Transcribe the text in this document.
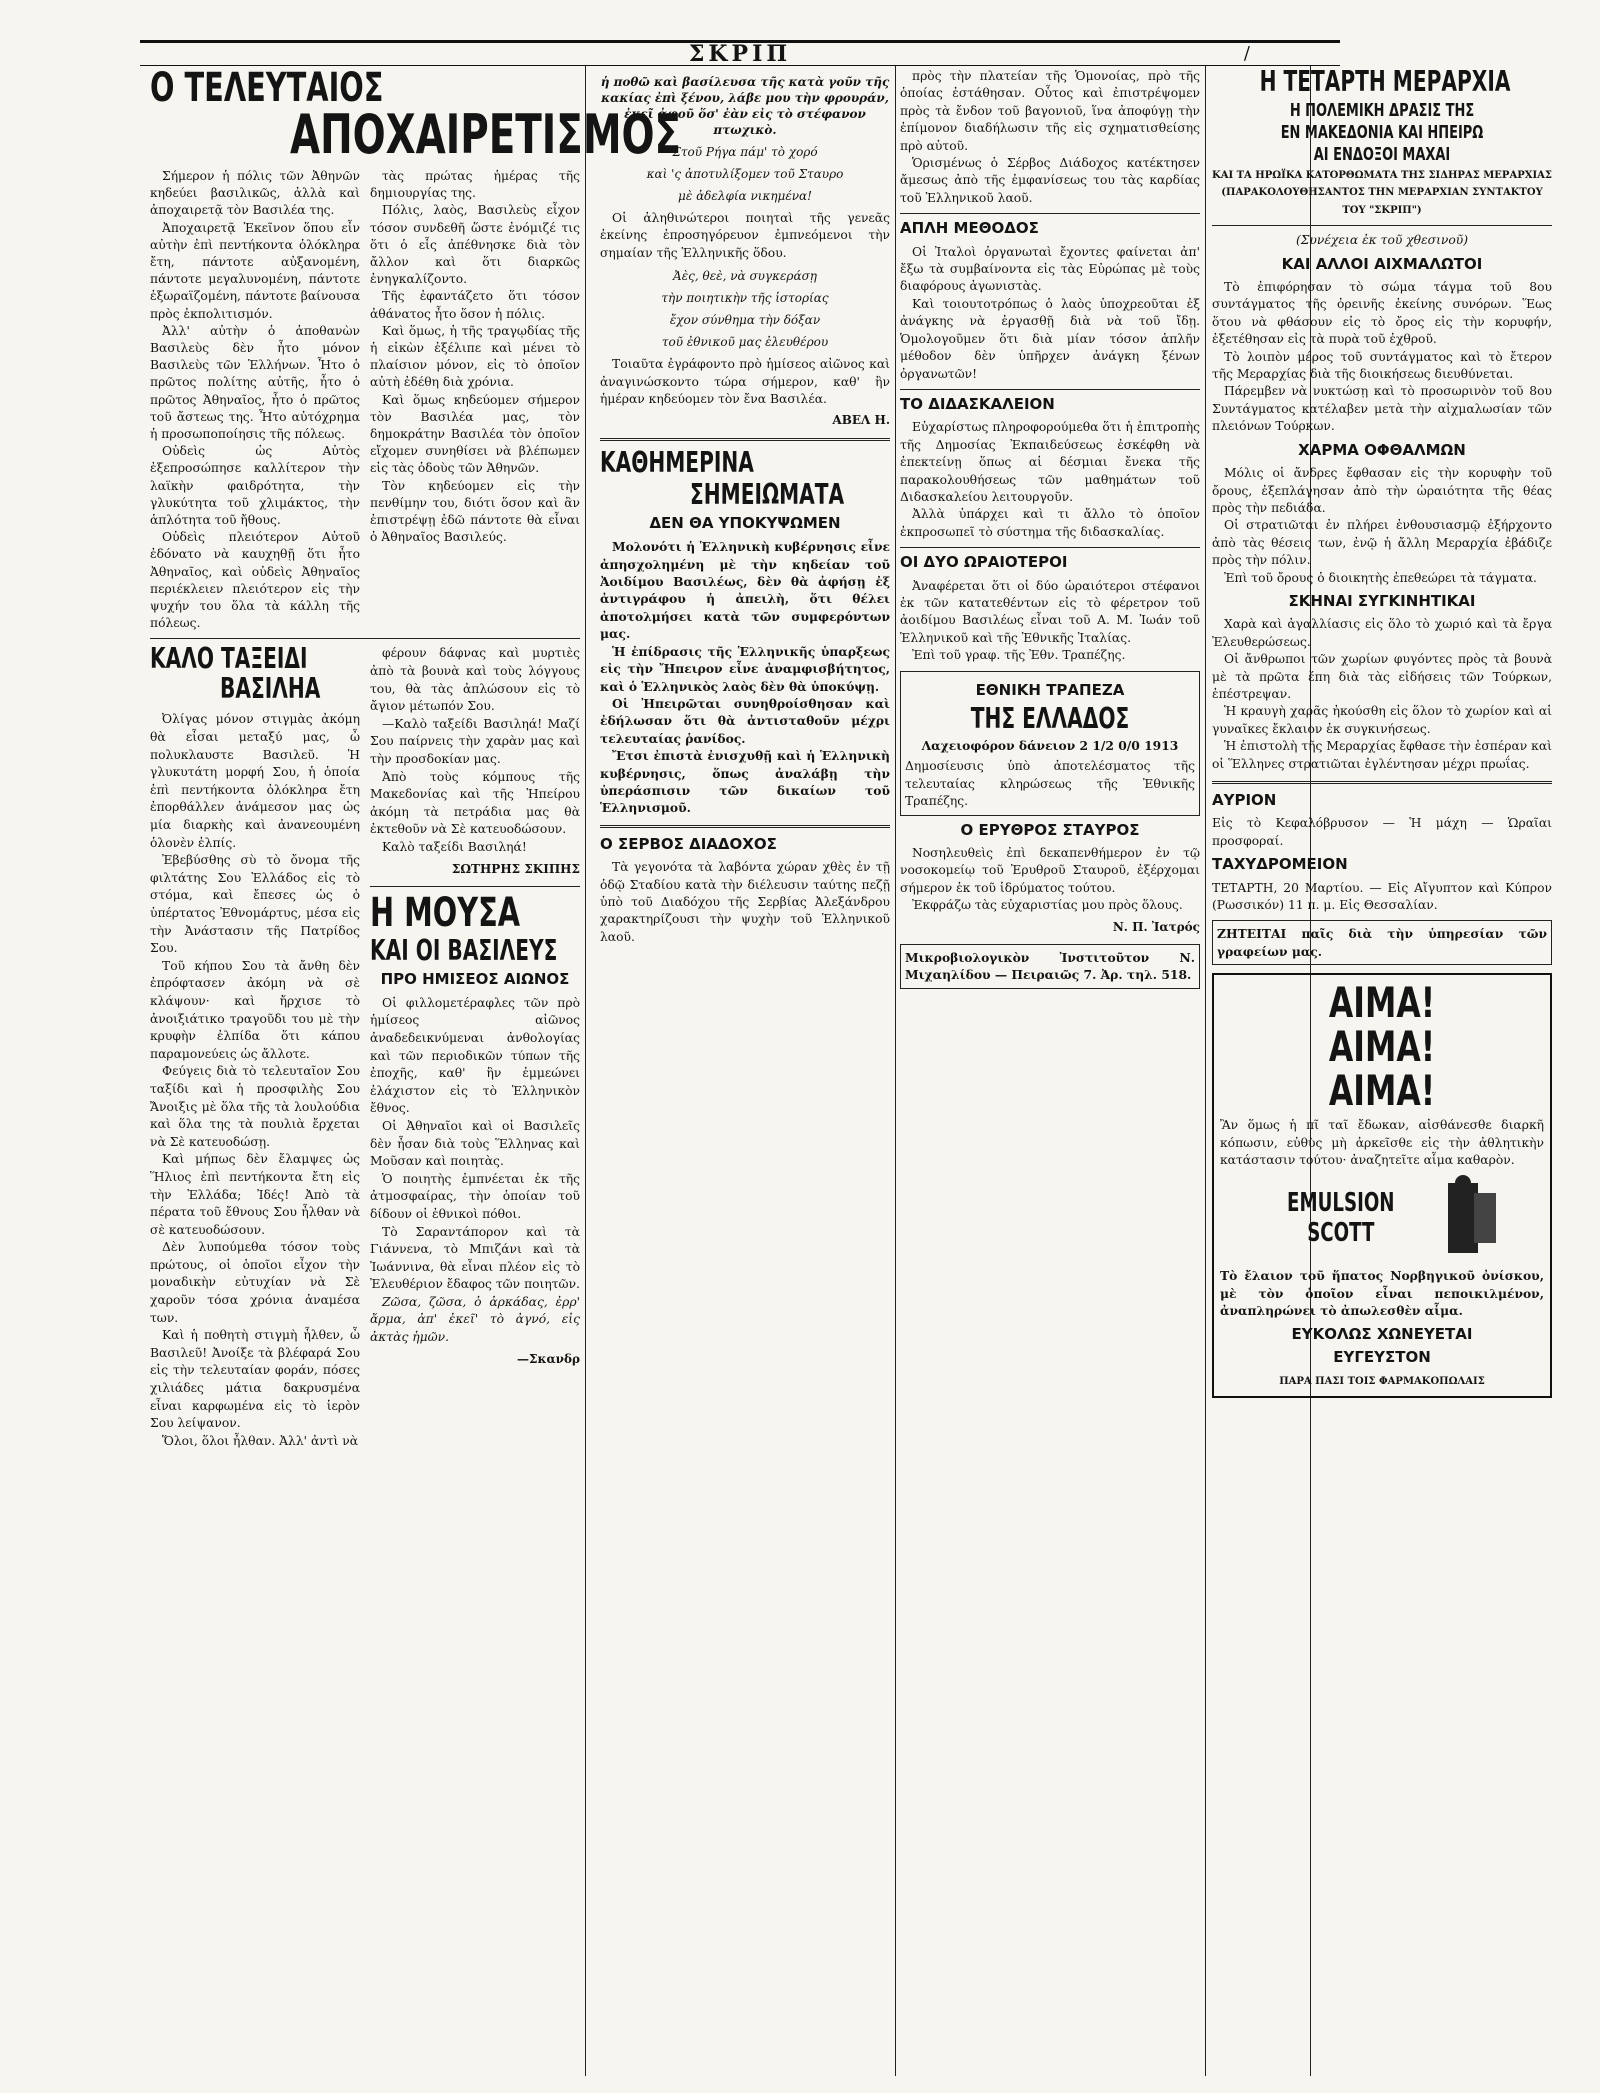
ΣΚΡΙΠ	/
Ο ΤΕΛΕΥΤΑΙΟΣ
ΑΠΟΧΑΙΡΕΤΙΣΜΟΣ

Σήμερον ἡ πόλις τῶν Ἀθηνῶν κηδεύει βασιλικῶς, ἀλλὰ καὶ ἀποχαιρετᾷ τὸν Βασιλέα της.

Ἀποχαιρετᾷ Ἐκεῖνον ὅπου εἶν αὐτὴν ἐπὶ πεντήκοντα ὁλόκληρα ἔτη, πάντοτε αὐξανομένη, πάντοτε μεγαλυνομένη, πάντοτε ἐξωραϊζομένη, πάντοτε βαίνουσα πρὸς ἐκπολιτισμόν.

Ἀλλ' αὐτὴν ὁ ἀποθανὼν Βασιλεὺς δὲν ἦτο μόνον Βασιλεὺς τῶν Ἑλλήνων. Ἦτο ὁ πρῶτος πολίτης αὐτῆς, ἦτο ὁ πρῶτος Ἀθηναῖος, ἦτο ὁ πρῶτος τοῦ ἄστεως της. Ἦτο αὐτόχρημα ἡ προσωποποίησις τῆς πόλεως.

Οὐδεὶς ὡς Αὐτὸς ἐξεπροσώπησε καλλίτερον τὴν λαϊκὴν φαιδρότητα, τὴν γλυκύτητα τοῦ χλιμάκτος, τὴν ἁπλότητα τοῦ ἤθους.

Οὐδεὶς πλειότερον Αὐτοῦ ἐδόνατο νὰ καυχηθῇ ὅτι ἦτο Ἀθηναῖος, καὶ οὐδεὶς Ἀθηναῖος περιέκλειεν πλειότερον εἰς τὴν ψυχήν του ὅλα τὰ κάλλη τῆς πόλεως.

τὰς πρώτας ἡμέρας τῆς δημιουργίας της.

Πόλις, λαὸς, Βασιλεὺς εἶχον τόσον συνδεθῆ ὥστε ἐνόμιζέ τις ὅτι ὁ εἷς ἀπέθνησκε διὰ τὸν ἄλλον καὶ ὅτι διαρκῶς ἐνηγκαλίζοντο.

Τῆς ἐφαντάζετο ὅτι τόσον ἀθάνατος ἦτο ὅσον ἡ πόλις.

Καὶ ὅμως, ἡ τῆς τραγῳδίας τῆς ἡ εἰκὼν ἐξέλιπε καὶ μένει τὸ πλαίσιον μόνον, εἰς τὸ ὁποῖον αὐτὴ ἐδέθη διὰ χρόνια.

Καὶ ὅμως κηδεύομεν σήμερον τὸν Βασιλέα μας, τὸν δημοκράτην Βασιλέα τὸν ὁποῖον εἴχομεν συνηθίσει νὰ βλέπωμεν εἰς τὰς ὁδοὺς τῶν Ἀθηνῶν.

Τὸν κηδεύομεν εἰς τὴν πενθίμην του, διότι ὅσον καὶ ἂν ἐπιστρέψῃ ἐδῶ πάντοτε θὰ εἶναι ὁ Ἀθηναῖος Βασιλεύς.

ΚΑΛΟ ΤΑΞΕΙΔΙ
ΒΑΣΙΛΗΑ

Ὀλίγας μόνον στιγμὰς ἀκόμη θὰ εἶσαι μεταξύ μας, ὦ πολυκλαυστε Βασιλεῦ. Ἡ γλυκυτάτη μορφή Σου, ἡ ὁποία ἐπὶ πεντήκοντα ὁλόκληρα ἔτη ἐπορθάλλεν ἀνάμεσον μας ὡς μία διαρκὴς καὶ ἀνανεουμένη ὁλονὲν ἐλπίς.

Ἐβεβύσθης σὺ τὸ ὄνομα τῆς φιλτάτης Σου Ἑλλάδος εἰς τὸ στόμα, καὶ ἔπεσες ὡς ὁ ὑπέρτατος Ἐθνομάρτυς, μέσα εἰς τὴν Ἀνάστασιν τῆς Πατρίδος Σου.

Τοῦ κήπου Σου τὰ ἄνθη δὲν ἐπρόφτασεν ἀκόμη νὰ σὲ κλάψουν· καὶ ἤρχισε τὸ ἀνοιξιάτικο τραγοῦδι του μὲ τὴν κρυφὴν ἐλπίδα ὅτι κάπου παραμονεύεις ὡς ἄλλοτε.

Φεύγεις διὰ τὸ τελευταῖον Σου ταξίδι καὶ ἡ προσφιλὴς Σου Ἄνοιξις μὲ ὅλα τῆς τὰ λουλούδια καὶ ὅλα της τὰ πουλιὰ ἔρχεται νὰ Σὲ κατευοδώσῃ.

Καὶ μήπως δὲν ἔλαμψες ὡς Ἥλιος ἐπὶ πεντήκοντα ἔτη εἰς τὴν Ἑλλάδα; Ἰδές! Ἀπὸ τὰ πέρατα τοῦ ἔθνους Σου ἦλθαν νὰ σὲ κατευοδώσουν.

Δὲν λυπούμεθα τόσον τοὺς πρώτους, οἱ ὁποῖοι εἶχον τὴν μοναδικὴν εὐτυχίαν νὰ Σὲ χαροῦν τόσα χρόνια ἀναμέσα των.

Καὶ ἡ ποθητὴ στιγμὴ ἦλθεν, ὦ Βασιλεῦ! Ἀνοίξε τὰ βλέφαρά Σου εἰς τὴν τελευταίαν φοράν, πόσες χιλιάδες μάτια δακρυσμένα εἶναι καρφωμένα εἰς τὸ ἱερὸν Σου λείψανον.

Ὅλοι, ὅλοι ἦλθαν. Ἀλλ' ἀντὶ νὰ

φέρουν δάφνας καὶ μυρτιὲς ἀπὸ τὰ βουνὰ καὶ τοὺς λόγγους του, θὰ τὰς ἀπλώσουν εἰς τὸ ἄγιον μέτωπόν Σου.

—Καλὸ ταξείδι Βασιληά! Μαζί Σου παίρνεις τὴν χαρὰν μας καὶ τὴν προσδοκίαν μας.

Ἀπὸ τοὺς κόμπους τῆς Μακεδονίας καὶ τῆς Ἠπείρου ἀκόμη τὰ πετράδια μας θὰ ἐκτεθοῦν νὰ Σὲ κατευοδώσουν.

Καλὸ ταξείδι Βασιληά!

ΣΩΤΗΡΗΣ ΣΚΙΠΗΣ
Η ΜΟΥΣΑ
ΚΑΙ ΟΙ ΒΑΣΙΛΕΥΣ
ΠΡΟ ΗΜΙΣΕΟΣ ΑΙΩΝΟΣ

Οἱ φιλλομετέραφλες τῶν πρὸ ἡμίσεος αἰῶνος ἀναδεδεικνύμεναι ἀνθολογίας καὶ τῶν περιοδικῶν τύπων τῆς ἐποχῆς, καθ' ἣν ἐμμεώνει ἐλάχιστον εἰς τὸ Ἑλληνικὸν ἔθνος.

Οἱ Ἀθηναῖοι καὶ οἱ Βασιλεῖς δὲν ἦσαν διὰ τοὺς Ἕλληνας καὶ Μοῦσαν καὶ ποιητὰς.

Ὁ ποιητὴς ἐμπνέεται ἐκ τῆς ἀτμοσφαίρας, τὴν ὁποίαν τοῦ δίδουν οἱ ἐθνικοὶ πόθοι.

Τὸ Σαραντάπορον καὶ τὰ Γιάννενα, τὸ Μπιζάνι καὶ τὰ Ἰωάννινα, θὰ εἶναι πλέον εἰς τὸ Ἐλευθέριον ἔδαφος τῶν ποιητῶν.

Ζῶσα, ζῶσα, ὁ ἀρκάδας, ἐρρ' ἄρμα, ἀπ' ἐκεῖ' τὸ ἀγνό, εἰς ἀκτὰς ἡμῶν.

—Σκανδρ
ἡ ποθῶ καὶ βασίλευσα τῆς κατὰ γοῦν τῆς κακίας ἐπὶ ξένου, λάβε μου τὴν φρουράν, ἐκεῖ ἀφοῦ ὅσ' ἐὰν εἰς τὸ στέφανον πτωχικὸ.
Στοῦ Ρήγα πάμ' τὸ χορό
καὶ 'ς ἀποτυλίξομεν τοῦ Σταυρο
μὲ ἀδελφία νικημένα!

Οἱ ἀληθινώτεροι ποιηταὶ τῆς γενεᾶς ἐκείνης ἐπροσηγόρευον ἐμπνεόμενοι τὴν σημαίαν τῆς Ἑλληνικῆς ὅδου.

Ἀὲς, θεὲ, νὰ συγκεράσῃ
τὴν ποιητικὴν τῆς ἱστορίας
ἔχον σύνθημα τὴν δόξαν
τοῦ ἐθνικοῦ μας ἐλευθέρου

Τοιαῦτα ἐγράφοντο πρὸ ἡμίσεος αἰῶνος καὶ ἀναγινώσκοντο τώρα σήμερον, καθ' ἣν ἡμέραν κηδεύομεν τὸν ἔνα Βασιλέα.

ΑΒΕΛ Η.
ΚΑΘΗΜΕΡΙΝΑ
ΣΗΜΕΙΩΜΑΤΑ
ΔΕΝ ΘΑ ΥΠΟΚΥΨΩΜΕΝ

Μολονότι ἡ Ἑλληνικὴ κυβέρνησις εἶνε ἀπησχολημένη μὲ τὴν κηδείαν τοῦ Ἀοιδίμου Βασιλέως, δὲν θὰ ἀφήσῃ ἐξ ἀντιγράφου ἡ ἀπειλὴ, ὅτι θέλει ἀποτολμήσει κατὰ τῶν συμφερόντων μας.

Ἡ ἐπίδρασις τῆς Ἑλληνικῆς ὑπαρξεως εἰς τὴν Ἤπειρον εἶνε ἀναμφισβήτητος, καὶ ὁ Ἑλληνικὸς λαὸς δὲν θὰ ὑποκύψῃ.

Οἱ Ἠπειρῶται συνηθροίσθησαν καὶ ἐδήλωσαν ὅτι θὰ ἀντισταθοῦν μέχρι τελευταίας ῥανίδος.

Ἔτσι ἐπιστὰ ἐνισχυθῇ καὶ ἡ Ἑλληνικὴ κυβέρνησις, ὅπως ἀναλάβῃ τὴν ὑπεράσπισιν τῶν δικαίων τοῦ Ἑλληνισμοῦ.

Ο ΣΕΡΒΟΣ ΔΙΑΔΟΧΟΣ

Τὰ γεγονότα τὰ λαβόντα χώραν χθὲς ἐν τῇ ὁδῷ Σταδίου κατὰ τὴν διέλευσιν ταύτης πεζῇ ὑπὸ τοῦ Διαδόχου τῆς Σερβίας Ἀλεξάνδρου χαρακτηρίζουσι τὴν ψυχὴν τοῦ Ἑλληνικοῦ λαοῦ.

πρὸς τὴν πλατείαν τῆς Ὁμονοίας, πρὸ τῆς ὁποίας ἐστάθησαν. Οὗτος καὶ ἐπιστρέψομεν πρὸς τὰ ἔνδον τοῦ βαγονιοῦ, ἵνα ἀποφύγῃ τὴν ἐπίμονον διαδήλωσιν τῆς εἰς σχηματισθείσης πρὸ αὐτοῦ.

Ὁρισμένως ὁ Σέρβος Διάδοχος κατέκτησεν ἄμεσως ἀπὸ τῆς ἐμφανίσεως του τὰς καρδίας τοῦ Ἑλληνικοῦ λαοῦ.

ΑΠΛΗ ΜΕΘΟΔΟΣ

Οἱ Ἰταλοὶ ὀργανωταὶ ἔχοντες φαίνεται ἀπ' ἔξω τὰ συμβαίνοντα εἰς τὰς Εὐρώπας μὲ τοὺς διαφόρους ἀγωνιστὰς.

Καὶ τοιουτοτρόπως ὁ λαὸς ὑποχρεοῦται ἐξ ἀνάγκης νὰ ἐργασθῇ διὰ νὰ τοῦ ἴδῃ. Ὁμολογοῦμεν ὅτι διὰ μίαν τόσον ἁπλῆν μέθοδον δὲν ὑπῆρχεν ἀνάγκη ξένων ὀργανωτῶν!

ΤΟ ΔΙΔΑΣΚΑΛΕΙΟΝ

Εὐχαρίστως πληροφορούμεθα ὅτι ἡ ἐπιτροπὴς τῆς Δημοσίας Ἐκπαιδεύσεως ἐσκέφθη νὰ ἐπεκτείνῃ ὅπως αἱ δέσμιαι ἔνεκα τῆς παρακολουθήσεως τῶν μαθημάτων τοῦ Διδασκαλείου λειτουργοῦν.

Ἀλλὰ ὑπάρχει καὶ τι ἄλλο τὸ ὁποῖον ἐκπροσωπεῖ τὸ σύστημα τῆς διδασκαλίας.

ΟΙ ΔΥΟ ΩΡΑΙΟΤΕΡΟΙ

Ἀναφέρεται ὅτι οἱ δύο ὡραιότεροι στέφανοι ἐκ τῶν κατατεθέντων εἰς τὸ φέρετρον τοῦ ἀοιδίμου Βασιλέως εἶναι τοῦ Α. Μ. Ἰωάν τοῦ Ἑλληνικοῦ καὶ τῆς Ἐθνικῆς Ἰταλίας.

Ἐπὶ τοῦ γραφ. τῆς Ἐθν. Τραπέζης.

ΕΘΝΙΚΗ ΤΡΑΠΕΖΑ
ΤΗΣ ΕΛΛΑΔΟΣ
Λαχειοφόρον δάνειον 2 1/2 0/0 1913
Δημοσίευσις ὑπὸ ἀποτελέσματος τῆς τελευταίας κληρώσεως τῆς Ἐθνικῆς Τραπέζης.
Ο ΕΡΥΘΡΟΣ ΣΤΑΥΡΟΣ

Νοσηλευθεὶς ἐπὶ δεκαπενθήμερον ἐν τῷ νοσοκομείῳ τοῦ Ἐρυθροῦ Σταυροῦ, ἐξέρχομαι σήμερον ἐκ τοῦ ἱδρύματος τούτου.

Ἐκφράζω τὰς εὐχαριστίας μου πρὸς ὅλους.

Ν. Π. Ἰατρός
Μικροβιολογικὸν Ἰνστιτοῦτον Ν. Μιχαηλίδου — Πειραιῶς 7. Ἀρ. τηλ. 518.
Η ΤΕΤΑΡΤΗ ΜΕΡΑΡΧΙΑ
Η ΠΟΛΕΜΙΚΗ ΔΡΑΣΙΣ ΤΗΣ
ΕΝ ΜΑΚΕΔΟΝΙΑ ΚΑΙ ΗΠΕΙΡΩ
ΑΙ ΕΝΔΟΞΟΙ ΜΑΧΑΙ
ΚΑΙ ΤΑ ΗΡΩΪΚΑ ΚΑΤΟΡΘΩΜΑΤΑ ΤΗΣ ΣΙΔΗΡΑΣ ΜΕΡΑΡΧΙΑΣ
(ΠΑΡΑΚΟΛΟΥΘΗΣΑΝΤΟΣ ΤΗΝ ΜΕΡΑΡΧΙΑΝ ΣΥΝΤΑΚΤΟΥ ΤΟΥ "ΣΚΡΙΠ")
(Συνέχεια ἐκ τοῦ χθεσινοῦ)
ΚΑΙ ΑΛΛΟΙ ΑΙΧΜΑΛΩΤΟΙ

Τὸ ἐπιφόρησαν τὸ σώμα τάγμα τοῦ 8ου συντάγματος τῆς ὀρεινῆς ἐκείνης συνόρων. Ἕως ὅτου νὰ φθάσουν εἰς τὸ ὄρος εἰς τὴν κορυφήν, ἐξετέθησαν εἰς τὰ πυρὰ τοῦ ἐχθροῦ.

Τὸ λοιπὸν μέρος τοῦ συντάγματος καὶ τὸ ἔτερον τῆς Μεραρχίας διὰ τῆς διοικήσεως διευθύνεται.

Πάρεμβεν νὰ νυκτώσῃ καὶ τὸ προσωρινὸν τοῦ 8ου Συντάγματος κατέλαβεν μετὰ τὴν αἰχμαλωσίαν τῶν πλειόνων Τούρκων.

ΧΑΡΜΑ ΟΦΘΑΛΜΩΝ

Μόλις οἱ ἄνδρες ἔφθασαν εἰς τὴν κορυφὴν τοῦ ὄρους, ἐξεπλάγησαν ἀπὸ τὴν ὡραιότητα τῆς θέας πρὸς τὴν πεδιάδα.

Οἱ στρατιῶται ἐν πλήρει ἐνθουσιασμῷ ἐξήρχοντο ἀπὸ τὰς θέσεις των, ἐνῷ ἡ ἄλλη Μεραρχία ἐβάδιζε πρὸς τὴν πόλιν.

Ἐπὶ τοῦ ὄρους ὁ διοικητὴς ἐπεθεώρει τὰ τάγματα.

ΣΚΗΝΑΙ ΣΥΓΚΙΝΗΤΙΚΑΙ

Χαρὰ καὶ ἀγαλλίασις εἰς ὅλο τὸ χωριό καὶ τὰ ἔργα Ἐλευθερώσεως.

Οἱ ἄνθρωποι τῶν χωρίων φυγόντες πρὸς τὰ βουνὰ μὲ τὰ πρῶτα ἔπη διὰ τὰς εἰδήσεις τῶν Τούρκων, ἐπέστρεψαν.

Ἡ κραυγὴ χαρᾶς ἠκούσθη εἰς ὅλον τὸ χωρίον καὶ αἱ γυναῖκες ἔκλαιον ἐκ συγκινήσεως.

Ἡ ἐπιστολὴ τῆς Μεραρχίας ἔφθασε τὴν ἑσπέραν καὶ οἱ Ἕλληνες στρατιῶται ἐγλέντησαν μέχρι πρωΐας.

ΑΥΡΙΟΝ

Εἰς τὸ Κεφαλόβρυσον — Ἡ μάχη — Ὡραῖαι προσφοραί.

ΤΑΧΥΔΡΟΜΕΙΟΝ

ΤΕΤΑΡΤΗ, 20 Μαρτίου. — Εἰς Αἴγυπτον καὶ Κύπρον (Ρωσσικόν) 11 π. μ. Εἰς Θεσσαλίαν.

ΖΗΤΕΙΤΑΙ παῖς διὰ τὴν ὑπηρεσίαν τῶν γραφείων μας.
ΑΙΜΑ!
ΑΙΜΑ!
ΑΙΜΑ!

Ἂν ὅμως ἡ πῖ ταῖ ἔδωκαν, αἰσθάνεσθε διαρκῆ κόπωσιν, εὐθὺς μὴ ἀρκεῖσθε εἰς τὴν ἀθλητικὴν κατάστασιν τούτου· ἀναζητεῖτε αἷμα καθαρὸν.

EMULSION
SCOTT

Τὸ ἔλαιον τοῦ ἥπατος Νορβηγικοῦ ὀνίσκου, μὲ τὸν ὁποῖον εἶναι πεποικιλμένον, ἀναπληρώνει τὸ ἀπωλεσθὲν αἷμα.

ΕΥΚΟΛΩΣ ΧΩΝΕΥΕΤΑΙ
ΕΥΓΕΥΣΤΟΝ
ΠΑΡΑ ΠΑΣΙ ΤΟΙΣ ΦΑΡΜΑΚΟΠΩΛΑΙΣ
